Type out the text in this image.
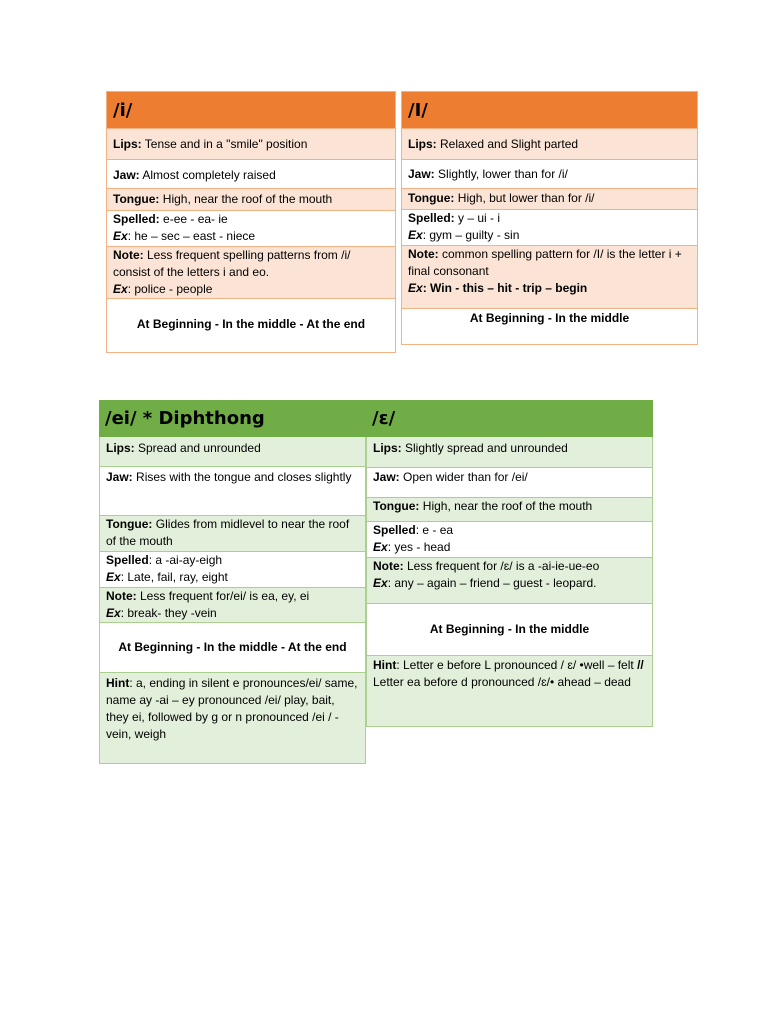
/i/
Lips: Tense and in a "smile" position
Jaw: Almost completely raised
Tongue: High, near the roof of the mouth
Spelled: e-ee - ea- ie
Ex: he – sec – east - niece
Note: Less frequent spelling patterns from /i/ consist of the letters i and eo.
Ex: police - people
At Beginning - In the middle - At the end
/I/
Lips: Relaxed and Slight parted
Jaw: Slightly, lower than for /i/
Tongue: High, but lower than for /i/
Spelled: y – ui - i
Ex: gym – guilty - sin
Note: common spelling pattern for /I/ is the letter i + final consonant
Ex: Win - this – hit - trip – begin
At Beginning - In the middle
/ei/ * Diphthong
Lips: Spread and unrounded
Jaw: Rises with the tongue and closes slightly
Tongue: Glides from midlevel to near the roof of the mouth
Spelled: a -ai-ay-eigh
Ex: Late, fail, ray, eight
Note: Less frequent for/ei/ is ea, ey, ei
Ex: break- they -vein
At Beginning - In the middle - At the end
Hint: a, ending in silent e pronounces/ei/ same, name ay -ai – ey pronounced /ei/ play, bait, they ei, followed by g or n pronounced /ei / - vein, weigh
/ɛ/
Lips: Slightly spread and unrounded
Jaw: Open wider than for /ei/
Tongue: High, near the roof of the mouth
Spelled: e - ea
Ex: yes - head
Note: Less frequent for /ɛ/ is a -ai-ie-ue-eo
Ex: any – again – friend – guest - leopard.
At Beginning - In the middle
Hint: Letter e before L pronounced / ɛ/ •well – felt // Letter ea before d pronounced /ɛ/• ahead – dead
